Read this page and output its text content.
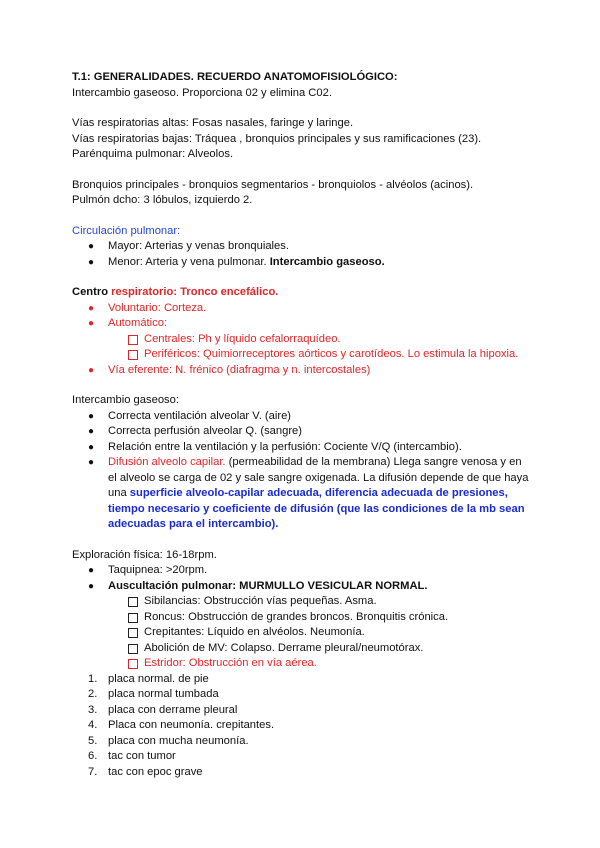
T.1: GENERALIDADES. RECUERDO ANATOMOFISIOLÓGICO:
Intercambio gaseoso. Proporciona 02 y elimina C02.
Vías respiratorias altas: Fosas nasales, faringe y laringe.
Vías respiratorias bajas: Tráquea , bronquios principales y sus ramificaciones (23).
Parénquima pulmonar: Alveolos.
Bronquios principales - bronquios segmentarios - bronquiolos - alvéolos (acinos).
Pulmón dcho: 3 lóbulos, izquierdo 2.
Circulación pulmonar:
● Mayor: Arterias y venas bronquiales.
● Menor: Arteria y vena pulmonar. Intercambio gaseoso.
Centro respiratorio: Tronco encefálico.
● Voluntario: Corteza.
● Automático:
Centrales: Ph y líquido cefalorraquídeo.
Periféricos: Quimiorreceptores aórticos y carotídeos. Lo estimula la hipoxia.
● Vía eferente: N. frénico (diafragma y n. intercostales)
Intercambio gaseoso:
● Correcta ventilación alveolar V. (aire)
● Correcta perfusión alveolar Q. (sangre)
● Relación entre la ventilación y la perfusión: Cociente V/Q (intercambio).
● Difusión alveolo capilar. (permeabilidad de la membrana) Llega sangre venosa y en
el alveolo se carga de 02 y sale sangre oxigenada. La difusión depende de que haya
una superficie alveolo-capilar adecuada, diferencia adecuada de presiones,
tiempo necesario y coeficiente de difusión (que las condiciones de la mb sean
adecuadas para el intercambio).
Exploración física: 16-18rpm.
● Taquipnea: >20rpm.
● Auscultación pulmonar: MURMULLO VESICULAR NORMAL.
Sibilancias: Obstrucción vías pequeñas. Asma.
Roncus: Obstrucción de grandes broncos. Bronquitis crónica.
Crepitantes: Líquido en alvéolos. Neumonía.
Abolición de MV: Colapso. Derrame pleural/neumotórax.
Estridor: Obstrucción en vía aérea.
1. placa normal. de pie
2. placa normal tumbada
3. placa con derrame pleural
4. Placa con neumonía. crepitantes.
5. placa con mucha neumonía.
6. tac con tumor
7. tac con epoc grave
